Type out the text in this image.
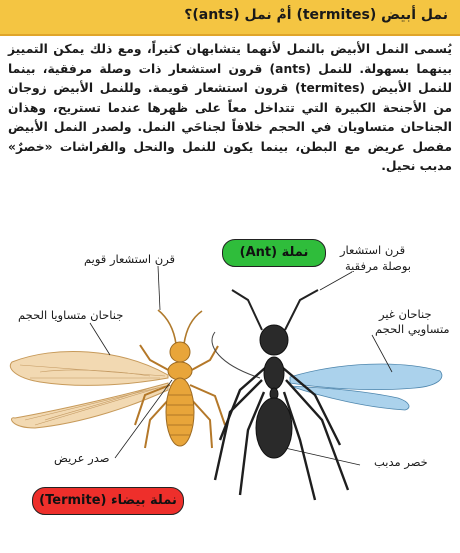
نمل أبيض (termites) أمْ نمل (ants)؟
يُسمى النمل الأبيض بالنمل لأنهما يتشابهان كثيراً، ومع ذلك يمكن التمييز بينهما بسهولة. للنمل (ants) قرون استشعار ذات وصلة مرفقية، بينما للنمل الأبيض (termites) قرون استشعار قويمة. وللنمل الأبيض زوجان من الأجنحة الكبيرة التي تتداخل معاً على ظهرها عندما تستريح، وهذان الجناحان متساويان في الحجم خلافاً لجناحَي النمل. ولصدر النمل الأبيض مفصل عريض مع البطن، بينما يكون للنمل والنحل والفراشات «خصرٌ» مدبب نحيل.
نملة (Ant)
نملة بيضاء (Termite)
قرن استشعار قويم
جناحان متساويا الحجم
صدر عريض
قرن استشعار
بوصلة مرفقية
جناحان غير
متساويي الحجم
خصر مدبب
